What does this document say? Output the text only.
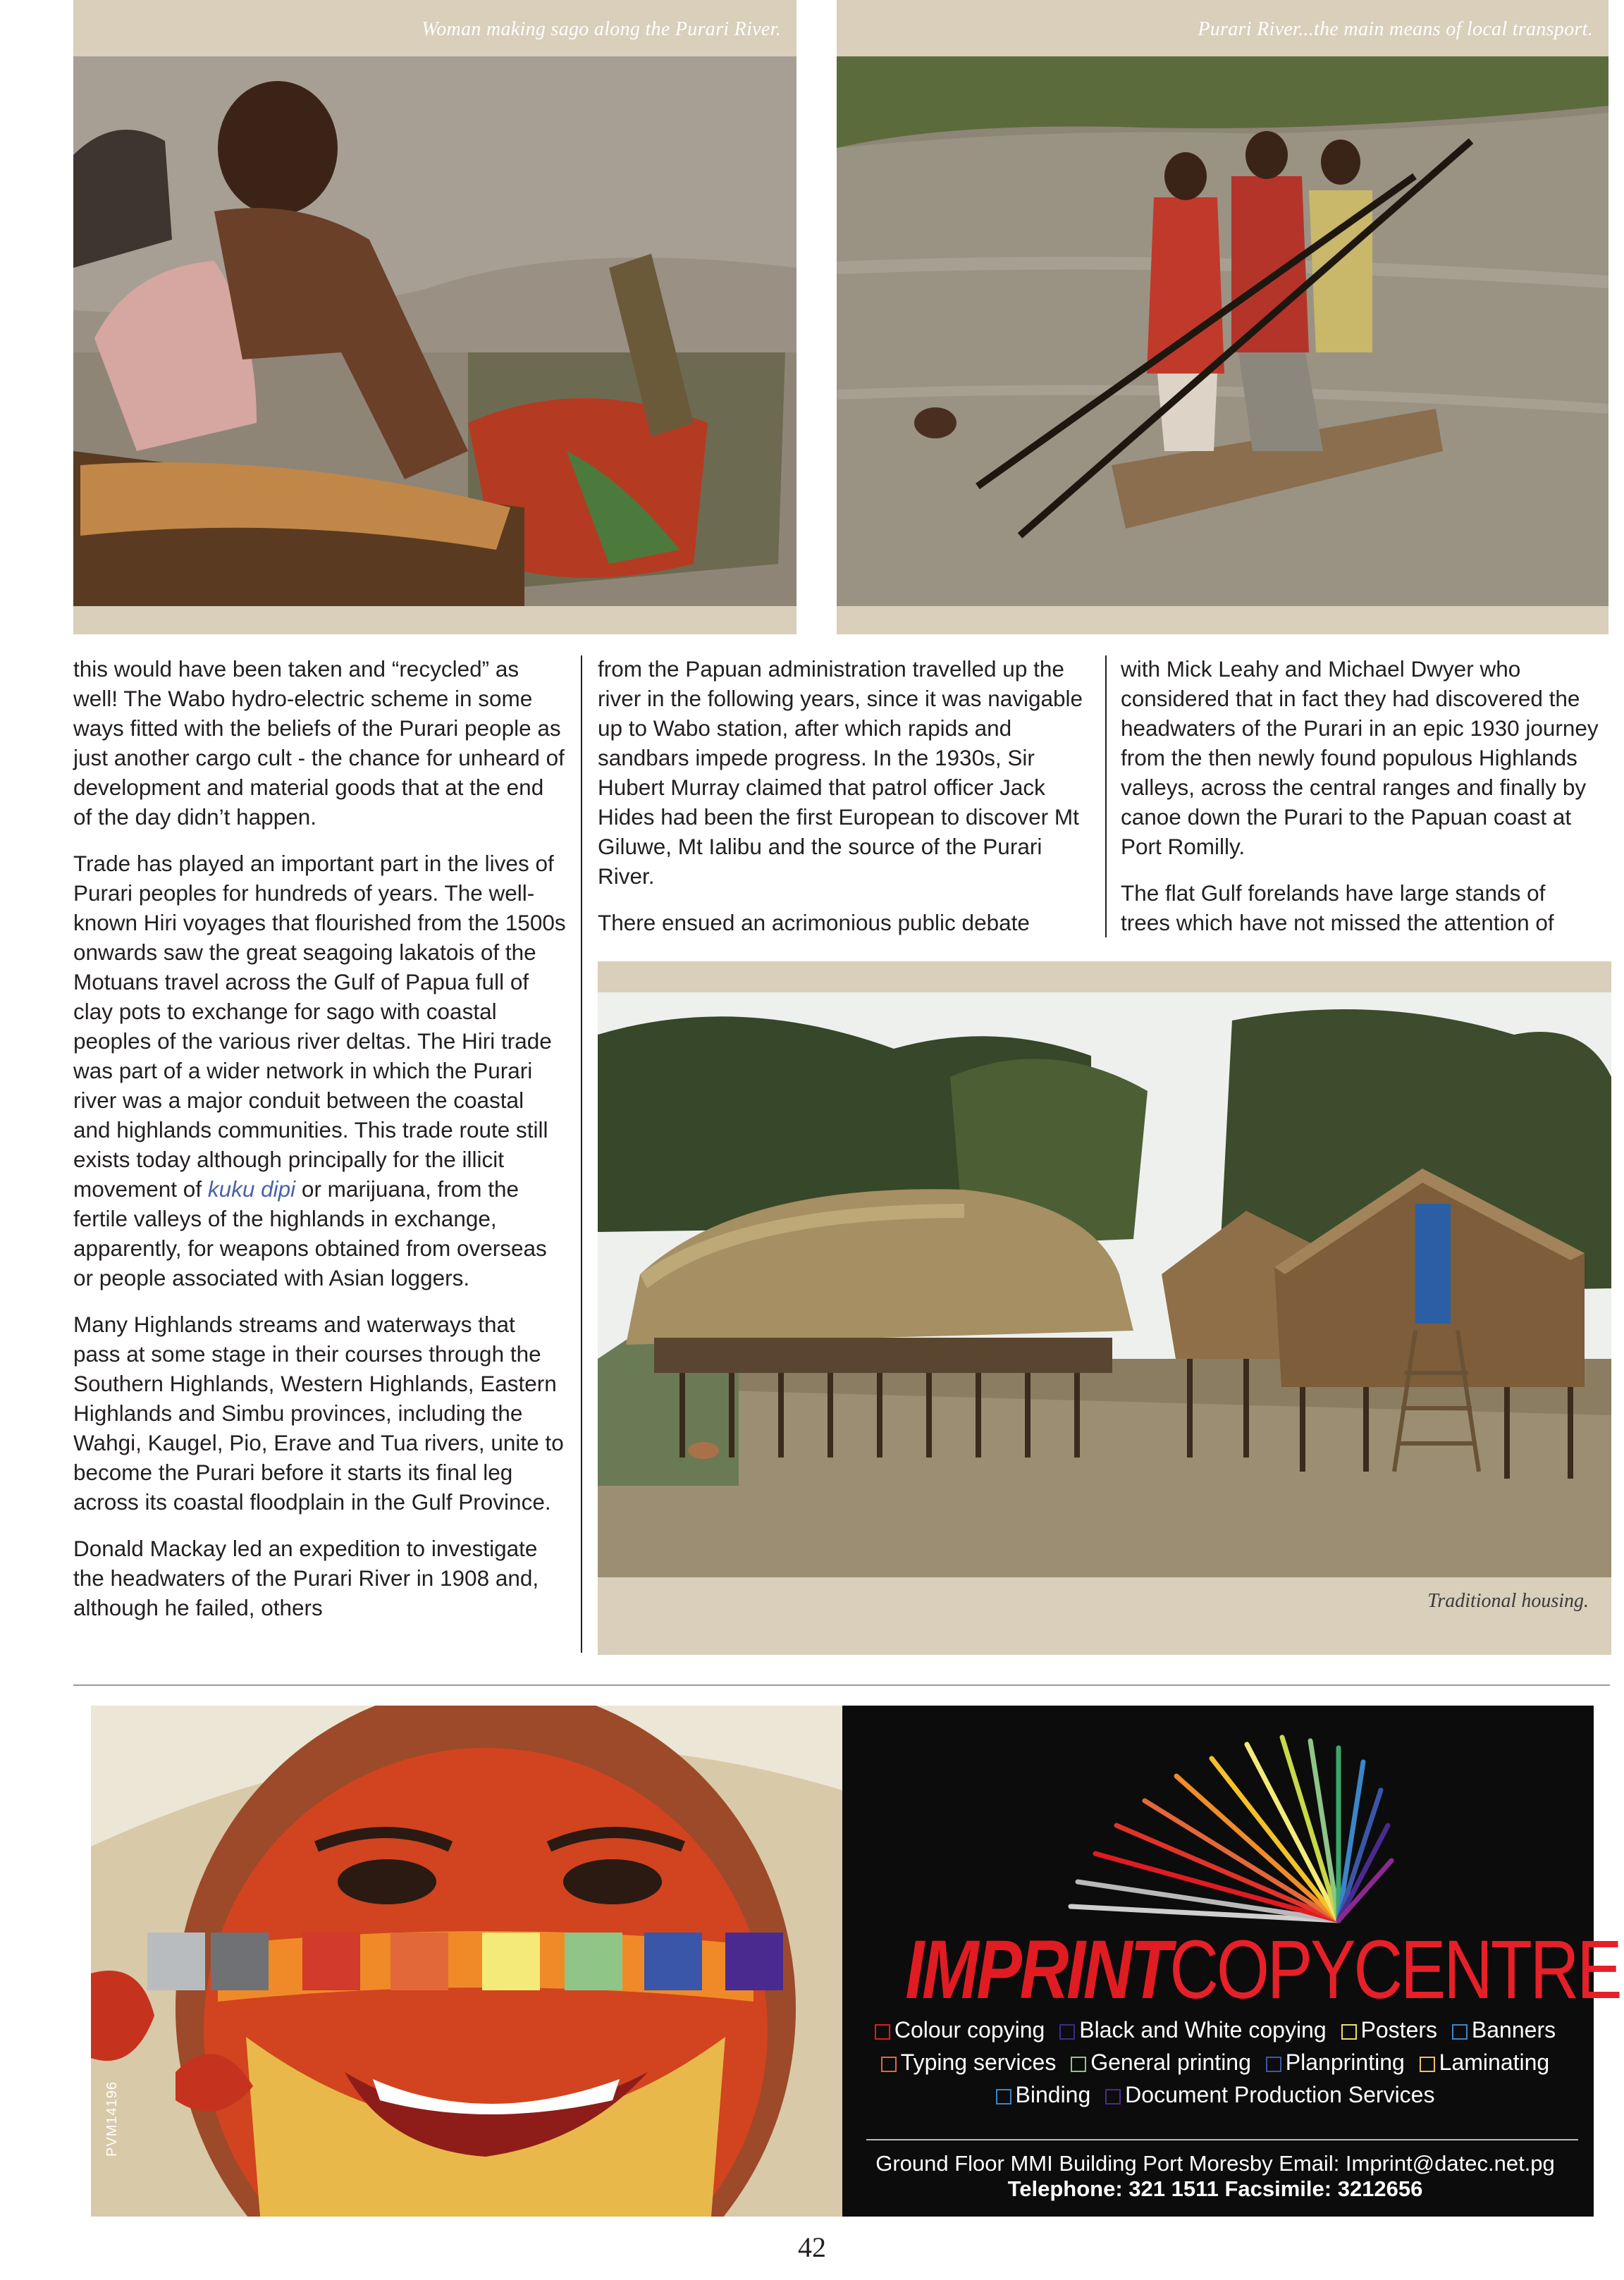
Woman making sago along the Purari River.	Purari River...the main means of local transport.

this would have been taken and “recycled” as well! The Wabo hydro-electric scheme in some ways fitted with the beliefs of the Purari people as just another cargo cult - the chance for unheard of development and material goods that at the end of the day didn’t happen.

Trade has played an important part in the lives of Purari peoples for hundreds of years. The well-known Hiri voyages that flourished from the 1500s onwards saw the great seagoing lakatois of the Motuans travel across the Gulf of Papua full of clay pots to exchange for sago with coastal peoples of the various river deltas. The Hiri trade was part of a wider network in which the Purari river was a major conduit between the coastal and highlands communities. This trade route still exists today although principally for the illicit movement of kuku dipi or marijuana, from the fertile valleys of the highlands in exchange, apparently, for weapons obtained from overseas or people associated with Asian loggers.

Many Highlands streams and waterways that pass at some stage in their courses through the Southern Highlands, Western Highlands, Eastern Highlands and Simbu provinces, including the Wahgi, Kaugel, Pio, Erave and Tua rivers, unite to become the Purari before it starts its final leg across its coastal floodplain in the Gulf Province.

Donald Mackay led an expedition to investigate the headwaters of the Purari River in 1908 and, although he failed, others

from the Papuan administration travelled up the river in the following years, since it was navigable up to Wabo station, after which rapids and sandbars impede progress. In the 1930s, Sir Hubert Murray claimed that patrol officer Jack Hides had been the first European to discover Mt Giluwe, Mt Ialibu and the source of the Purari River.

There ensued an acrimonious public debate

with Mick Leahy and Michael Dwyer who considered that in fact they had discovered the headwaters of the Purari in an epic 1930 journey from the then newly found populous Highlands valleys, across the central ranges and finally by canoe down the Purari to the Papuan coast at Port Romilly.

The flat Gulf forelands have large stands of trees which have not missed the attention of

Traditional housing.
IMPRINTCOPYCENTRE
Colour copying Black and White copying Posters Banners
Typing services General printing Planprinting Laminating
Binding Document Production Services
Ground Floor MMI Building Port Moresby Email: Imprint@datec.net.pg
Telephone: 321 1511 Facsimile: 3212656
PVM14196
42
